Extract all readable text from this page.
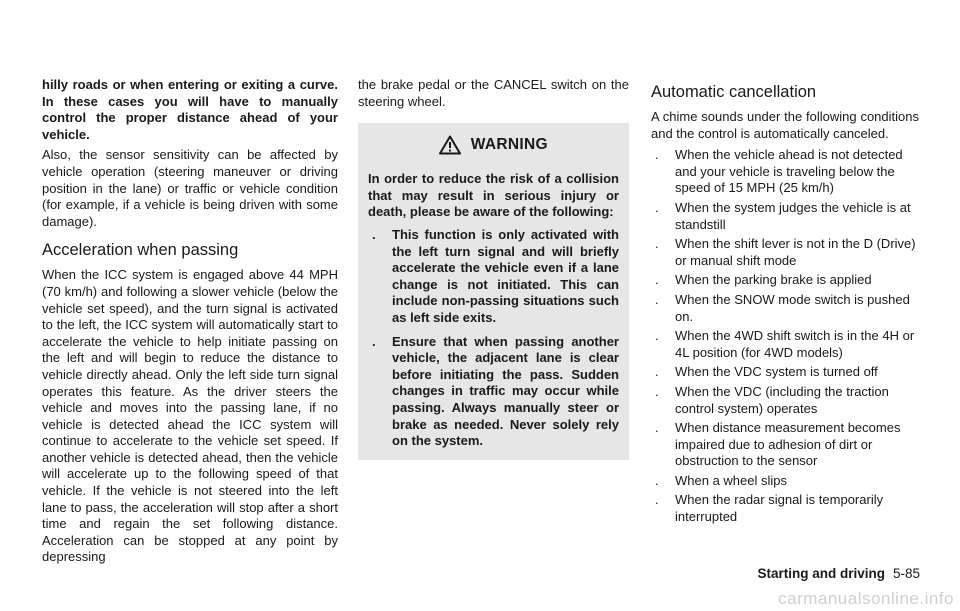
hilly roads or when entering or exiting a curve. In these cases you will have to manually control the proper distance ahead of your vehicle.

Also, the sensor sensitivity can be affected by vehicle operation (steering maneuver or driving position in the lane) or traffic or vehicle condition (for example, if a vehicle is being driven with some damage).

Acceleration when passing

When the ICC system is engaged above 44 MPH (70 km/h) and following a slower vehicle (below the vehicle set speed), and the turn signal is activated to the left, the ICC system will automatically start to accelerate the vehicle to help initiate passing on the left and will begin to reduce the distance to vehicle directly ahead. Only the left side turn signal operates this feature. As the driver steers the vehicle and moves into the passing lane, if no vehicle is detected ahead the ICC system will continue to accelerate to the vehicle set speed. If another vehicle is detected ahead, then the vehicle will accelerate up to the following speed of that vehicle. If the vehicle is not steered into the left lane to pass, the acceleration will stop after a short time and regain the set following distance. Acceleration can be stopped at any point by depressing

the brake pedal or the CANCEL switch on the steering wheel.

WARNING

In order to reduce the risk of a collision that may result in serious injury or death, please be aware of the following:

. This function is only activated with the left turn signal and will briefly accelerate the vehicle even if a lane change is not initiated. This can include non-passing situations such as left side exits.
. Ensure that when passing another vehicle, the adjacent lane is clear before initiating the pass. Sudden changes in traffic may occur while passing. Always manually steer or brake as needed. Never solely rely on the system.
Automatic cancellation

A chime sounds under the following conditions and the control is automatically canceled.

. When the vehicle ahead is not detected and your vehicle is traveling below the speed of 15 MPH (25 km/h)
. When the system judges the vehicle is at standstill
. When the shift lever is not in the D (Drive) or manual shift mode
. When the parking brake is applied
. When the SNOW mode switch is pushed on.
. When the 4WD shift switch is in the 4H or 4L position (for 4WD models)
. When the VDC system is turned off
. When the VDC (including the traction control system) operates
. When distance measurement becomes impaired due to adhesion of dirt or obstruction to the sensor
. When a wheel slips
. When the radar signal is temporarily interrupted
Starting and driving 5-85
carmanualsonline.info
